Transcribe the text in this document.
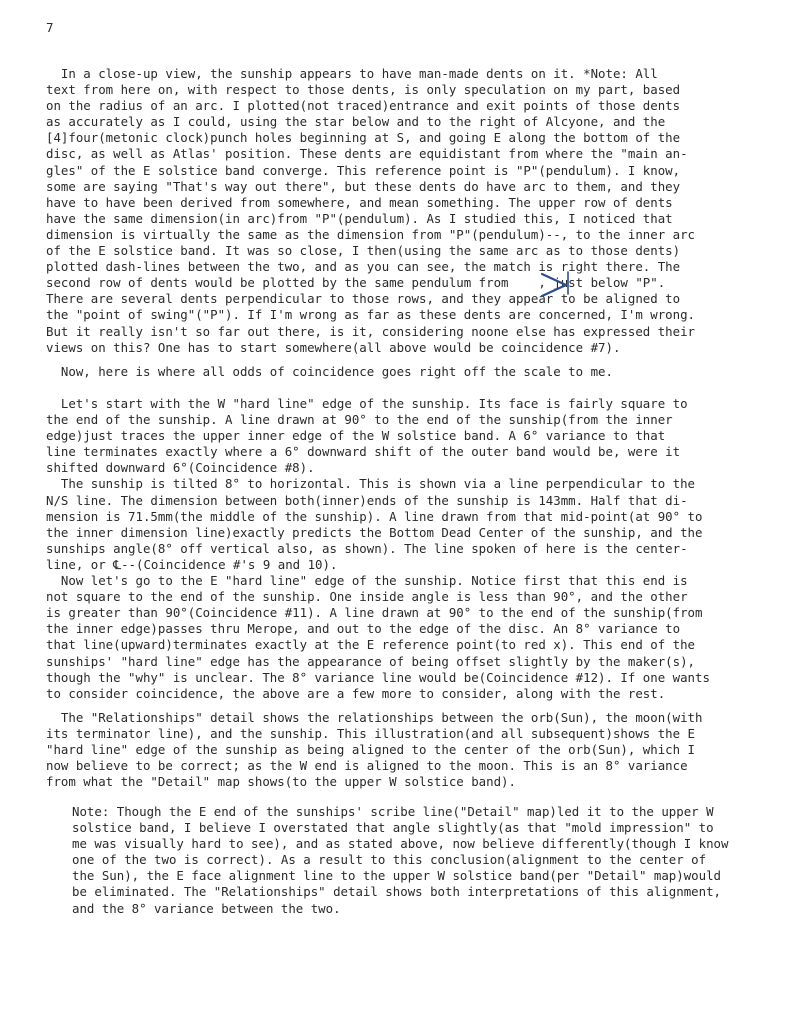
7
In a close-up view, the sunship appears to have man-made dents on it. *Note: All
text from here on, with respect to those dents, is only speculation on my part, based
on the radius of an arc. I plotted(not traced)entrance and exit points of those dents
as accurately as I could, using the star below and to the right of Alcyone, and the
[4]four(metonic clock)punch holes beginning at S, and going E along the bottom of the
disc, as well as Atlas' position. These dents are equidistant from where the "main an-
gles" of the E solstice band converge. This reference point is "P"(pendulum). I know,
some are saying "That's way out there", but these dents do have arc to them, and they
have to have been derived from somewhere, and mean something. The upper row of dents
have the same dimension(in arc)from "P"(pendulum). As I studied this, I noticed that
dimension is virtually the same as the dimension from "P"(pendulum)--, to the inner arc
of the E solstice band. It was so close, I then(using the same arc as to those dents)
plotted dash-lines between the two, and as you can see, the match is right there. The
second row of dents would be plotted by the same pendulum from    , just below "P".
There are several dents perpendicular to those rows, and they appear to be aligned to
the "point of swing"("P"). If I'm wrong as far as these dents are concerned, I'm wrong.
But it really isn't so far out there, is it, considering noone else has expressed their
views on this? One has to start somewhere(all above would be coincidence #7).
Now, here is where all odds of coincidence goes right off the scale to me.
Let's start with the W "hard line" edge of the sunship. Its face is fairly square to
the end of the sunship. A line drawn at 90° to the end of the sunship(from the inner
edge)just traces the upper inner edge of the W solstice band. A 6° variance to that
line terminates exactly where a 6° downward shift of the outer band would be, were it
shifted downward 6°(Coincidence #8).
The sunship is tilted 8° to horizontal. This is shown via a line perpendicular to the
N/S line. The dimension between both(inner)ends of the sunship is 143mm. Half that di-
mension is 71.5mm(the middle of the sunship). A line drawn from that mid-point(at 90° to
the inner dimension line)exactly predicts the Bottom Dead Center of the sunship, and the
sunships angle(8° off vertical also, as shown). The line spoken of here is the center-
line, or ℄--(Coincidence #'s 9 and 10).
Now let's go to the E "hard line" edge of the sunship. Notice first that this end is
not square to the end of the sunship. One inside angle is less than 90°, and the other
is greater than 90°(Coincidence #11). A line drawn at 90° to the end of the sunship(from
the inner edge)passes thru Merope, and out to the edge of the disc. An 8° variance to
that line(upward)terminates exactly at the E reference point(to red x). This end of the
sunships' "hard line" edge has the appearance of being offset slightly by the maker(s),
though the "why" is unclear. The 8° variance line would be(Coincidence #12). If one wants
to consider coincidence, the above are a few more to consider, along with the rest.
The "Relationships" detail shows the relationships between the orb(Sun), the moon(with
its terminator line), and the sunship. This illustration(and all subsequent)shows the E
"hard line" edge of the sunship as being aligned to the center of the orb(Sun), which I
now believe to be correct; as the W end is aligned to the moon. This is an 8° variance
from what the "Detail" map shows(to the upper W solstice band).
Note: Though the E end of the sunships' scribe line("Detail" map)led it to the upper W
solstice band, I believe I overstated that angle slightly(as that "mold impression" to
me was visually hard to see), and as stated above, now believe differently(though I know
one of the two is correct). As a result to this conclusion(alignment to the center of
the Sun), the E face alignment line to the upper W solstice band(per "Detail" map)would
be eliminated. The "Relationships" detail shows both interpretations of this alignment,
and the 8° variance between the two.
